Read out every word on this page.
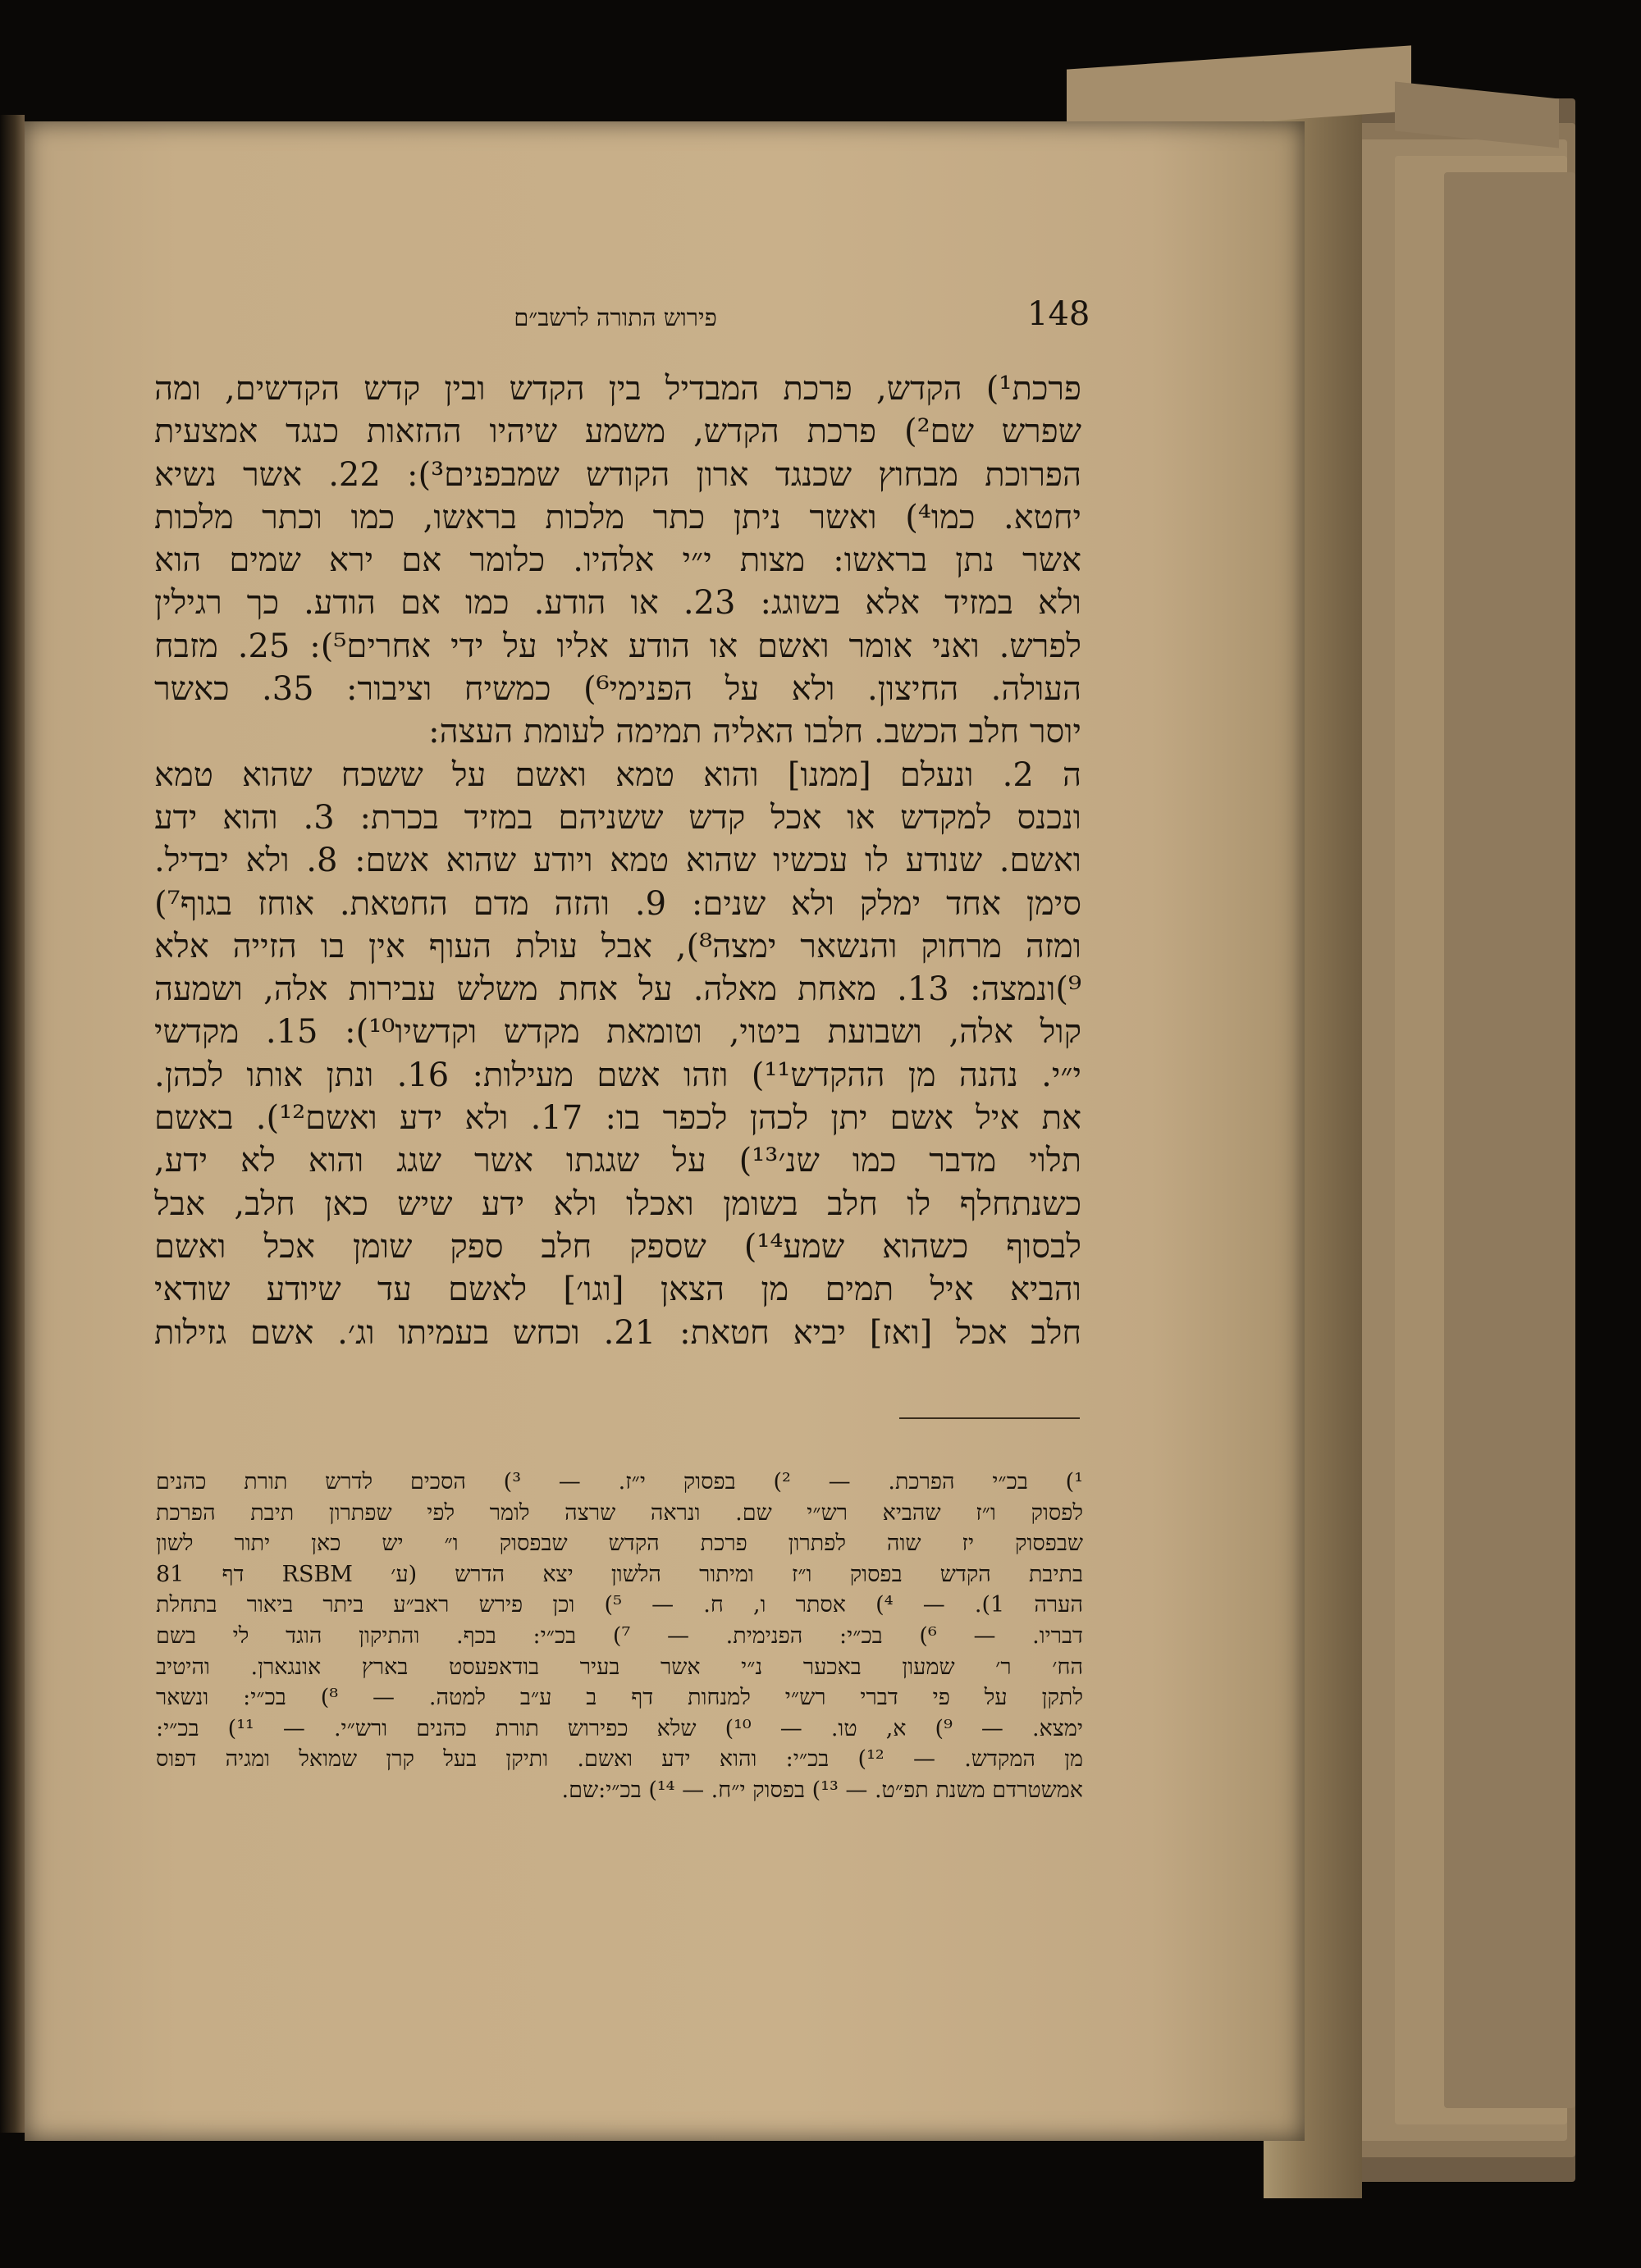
148
פירוש התורה לרשב״ם
פרכת¹) הקדש, פרכת המבדיל בין הקדש ובין קדש הקדשים, ומה
שפרש שם²) פרכת הקדש, משמע שיהיו ההזאות כנגד אמצעית
הפרוכת מבחוץ שכנגד ארון הקודש שמבפנים³): 22. אשר נשיא
יחטא. כמו⁴) ואשר ניתן כתר מלכות בראשו, כמו וכתר מלכות
אשר נתן בראשו: מצות י״י אלהיו. כלומר אם ירא שמים הוא
ולא במזיד אלא בשוגג: 23. או הודע. כמו אם הודע. כך רגילין
לפרש. ואני אומר ואשם או הודע אליו על ידי אחרים⁵): 25. מזבח
העולה. החיצון. ולא על הפנימי⁶) כמשיח וציבור: 35. כאשר
יוסר חלב הכשב. חלבו האליה תמימה לעומת העצה:
ה 2. ונעלם [ממנו] והוא טמא ואשם על ששכח שהוא טמא
ונכנס למקדש או אכל קדש ששניהם במזיד בכרת: 3. והוא ידע
ואשם. שנודע לו עכשיו שהוא טמא ויודע שהוא אשם: 8. ולא יבדיל.
סימן אחד ימלק ולא שנים: 9. והזה מדם החטאת. אוחז בגוף⁷)
ומזה מרחוק והנשאר ימצה⁸), אבל עולת העוף אין בו הזייה אלא
⁹)ונמצה: 13. מאחת מאלה. על אחת משלש עבירות אלה, ושמעה
קול אלה, ושבועת ביטוי, וטומאת מקדש וקדשיו¹⁰): 15. מקדשי
י״י. נהנה מן ההקדש¹¹) וזהו אשם מעילות: 16. ונתן אותו לכהן.
את איל אשם יתן לכהן לכפר בו: 17. ולא ידע ואשם¹²). באשם
תלוי מדבר כמו שנ׳¹³) על שגגתו אשר שגג והוא לא ידע,
כשנתחלף לו חלב בשומן ואכלו ולא ידע שיש כאן חלב, אבל
לבסוף כשהוא שמע¹⁴) שספק חלב ספק שומן אכל ואשם
והביא איל תמים מן הצאן [וגו׳] לאשם עד שיודע שודאי
חלב אכל [ואז] יביא חטאת: 21. וכחש בעמיתו וג׳. אשם גזילות
¹) בכ״י הפרכת. — ²) בפסוק י״ז. — ³) הסכים לדרש תורת כהנים
לפסוק ו״ז שהביא רש״י שם. ונראה שרצה לומר לפי שפתרון תיבת הפרכת
שבפסוק יז שוה לפתרון פרכת הקדש שבפסוק ו״ יש כאן יתור לשון
בתיבת הקדש בפסוק ו״ז ומיתור הלשון יצא הדרש (ע׳ RSBM דף 81
הערה 1). — ⁴) אסתר ו, ח. — ⁵) וכן פירש ראב״ע ביתר ביאור בתחלת
דבריו. — ⁶) בכ״י: הפנימית. — ⁷) בכ״י: בכף. והתיקון הוגד לי בשם
הח׳ ר׳ שמעון באכער נ״י אשר בעיר בודאפעסט בארץ אונגארן. והיטיב
לתקן על פי דברי רש״י למנחות דף ב ע״ב למטה. — ⁸) בכ״י: ונשאר
ימצא. — ⁹) א, טו. — ¹⁰) שלא כפירוש תורת כהנים ורש״י. — ¹¹) בכ״י:
מן המקדש. — ¹²) בכ״י: והוא ידע ואשם. ותיקן בעל קרן שמואל ומגיה דפוס
אמשטרדם משנת תפ״ט. — ¹³) בפסוק י״ח. — ¹⁴) בכ״י:שם.
